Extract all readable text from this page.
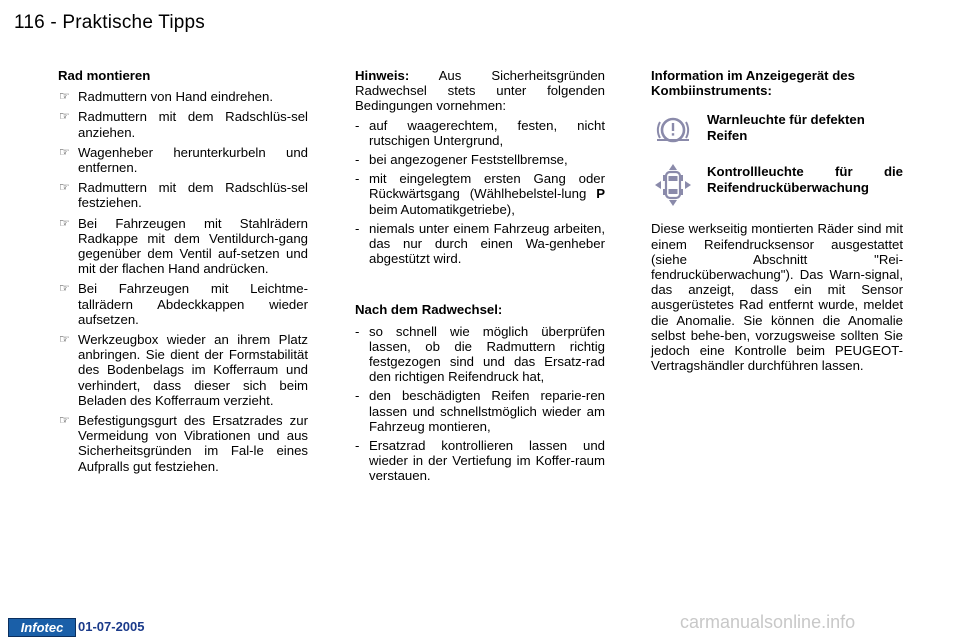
116 - Praktische Tipps
Rad montieren
☞ Radmuttern von Hand eindrehen.
☞ Radmuttern mit dem Radschlüs-sel anziehen.
☞ Wagenheber herunterkurbeln und entfernen.
☞ Radmuttern mit dem Radschlüs-sel festziehen.
☞ Bei Fahrzeugen mit Stahlrädern Radkappe mit dem Ventildurch-gang gegenüber dem Ventil auf-setzen und mit der flachen Hand andrücken.
☞ Bei Fahrzeugen mit Leichtme-tallrädern Abdeckkappen wieder aufsetzen.
☞ Werkzeugbox wieder an ihrem Platz anbringen. Sie dient der Formstabilität des Bodenbelags im Kofferraum und verhindert, dass dieser sich beim Beladen des Kofferraum verzieht.
☞ Befestigungsgurt des Ersatzrades zur Vermeidung von Vibrationen und aus Sicherheitsgründen im Fal-le eines Aufpralls gut festziehen.
Hinweis: Aus Sicherheitsgründen Radwechsel stets unter folgenden Bedingungen vornehmen:
- auf waagerechtem, festen, nicht rutschigen Untergrund,
- bei angezogener Feststellbremse,
- mit eingelegtem ersten Gang oder Rückwärtsgang (Wählhebelstel-lung P beim Automatikgetriebe),
- niemals unter einem Fahrzeug arbeiten, das nur durch einen Wa-genheber abgestützt wird.
Nach dem Radwechsel:
- so schnell wie möglich überprüfen lassen, ob die Radmuttern richtig festgezogen sind und das Ersatz-rad den richtigen Reifendruck hat,
- den beschädigten Reifen reparie-ren lassen und schnellstmöglich wieder am Fahrzeug montieren,
- Ersatzrad kontrollieren lassen und wieder in der Vertiefung im Koffer-raum verstauen.
Information im Anzeigegerät des Kombiinstruments:
Warnleuchte für defekten Reifen
Kontrollleuchte für die Reifendrucküberwachung
Diese werkseitig montierten Räder sind mit einem Reifendrucksensor ausgestattet (siehe Abschnitt "Rei-fendrucküberwachung"). Das Warn-signal, das anzeigt, dass ein mit Sensor ausgerüstetes Rad entfernt wurde, meldet die Anomalie. Sie können die Anomalie selbst behe-ben, vorzugsweise sollten Sie jedoch eine Kontrolle beim PEUGEOT-Vertragshändler durchführen lassen.
Infotec	01-07-2005	carmanualsonline.info
